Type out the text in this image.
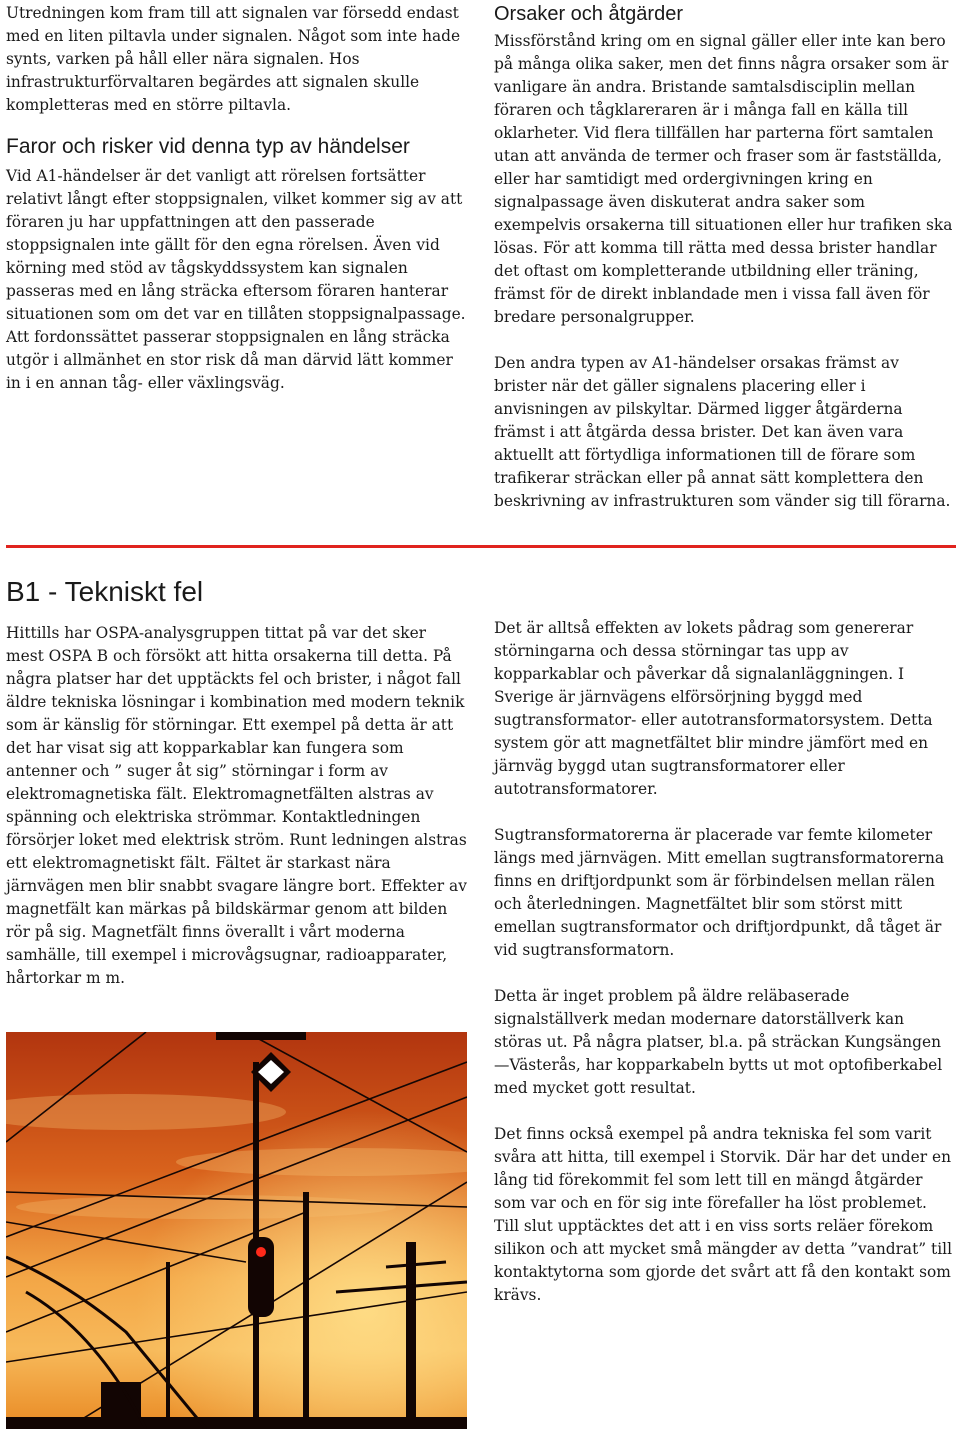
Utredningen kom fram till att signalen var försedd endast med en liten piltavla under signalen. Något som inte hade synts, varken på håll eller nära signalen. Hos infrastrukturförvaltaren begärdes att signalen skulle kompletteras med en större piltavla.

Faror och risker vid denna typ av händelser

Vid A1-händelser är det vanligt att rörelsen fortsätter relativt långt efter stoppsignalen, vilket kommer sig av att föraren ju har uppfattningen att den passerade stoppsignalen inte gällt för den egna rörelsen. Även vid körning med stöd av tågskyddssystem kan signalen passeras med en lång sträcka eftersom föraren hanterar situationen som om det var en tillåten stoppsignalpassage. Att fordonssättet passerar stoppsignalen en lång sträcka utgör i allmänhet en stor risk då man därvid lätt kommer in i en annan tåg- eller växlingsväg.

Orsaker och åtgärder

Missförstånd kring om en signal gäller eller inte kan bero på många olika saker, men det finns några orsaker som är vanligare än andra. Bristande samtalsdisciplin mellan föraren och tågklareraren är i många fall en källa till oklarheter. Vid flera tillfällen har parterna fört samtalen utan att använda de termer och fraser som är fastställda, eller har samtidigt med ordergivningen kring en signalpassage även diskuterat andra saker som exempelvis orsakerna till situationen eller hur trafiken ska lösas. För att komma till rätta med dessa brister handlar det oftast om kompletterande utbildning eller träning, främst för de direkt inblandade men i vissa fall även för bredare personalgrupper.

Den andra typen av A1-händelser orsakas främst av brister när det gäller signalens placering eller i anvisningen av pilskyltar. Därmed ligger åtgärderna främst i att åtgärda dessa brister. Det kan även vara aktuellt att förtydliga informationen till de förare som trafikerar sträckan eller på annat sätt komplettera den beskrivning av infrastrukturen som vänder sig till förarna.

B1 - Tekniskt fel

Hittills har OSPA-analysgruppen tittat på var det sker mest OSPA B och försökt att hitta orsakerna till detta. På några platser har det upptäckts fel och brister, i något fall äldre tekniska lösningar i kombination med modern teknik som är känslig för störningar. Ett exempel på detta är att det har visat sig att kopparkablar kan fungera som antenner och ” suger åt sig” störningar i form av elektromagnetiska fält. Elektromagnetfälten alstras av spänning och elektriska strömmar. Kontaktledningen försörjer loket med elektrisk ström. Runt ledningen alstras ett elektromagnetiskt fält. Fältet är starkast nära järnvägen men blir snabbt svagare längre bort. Effekter av magnetfält kan märkas på bildskärmar genom att bilden rör på sig. Magnetfält finns överallt i vårt moderna samhälle, till exempel i microvågsugnar, radioapparater, hårtorkar m m.

Det är alltså effekten av lokets pådrag som genererar störningarna och dessa störningar tas upp av kopparkablar och påverkar då signalanläggningen. I Sverige är järnvägens elförsörjning byggd med sugtransformator- eller autotransformatorsystem. Detta system gör att magnetfältet blir mindre jämfört med en järnväg byggd utan sugtransformatorer eller autotransformatorer.

Sugtransformatorerna är placerade var femte kilometer längs med järnvägen. Mitt emellan sugtransformatorerna finns en driftjordpunkt som är förbindelsen mellan rälen och återledningen. Magnetfältet blir som störst mitt emellan sugtransformator och driftjordpunkt, då tåget är vid sugtransformatorn.

Detta är inget problem på äldre reläbaserade signalställverk medan modernare datorställverk kan störas ut. På några platser, bl.a. på sträckan Kungsängen—Västerås, har kopparkabeln bytts ut mot optofiberkabel med mycket gott resultat.

Det finns också exempel på andra tekniska fel som varit svåra att hitta, till exempel i Storvik. Där har det under en lång tid förekommit fel som lett till en mängd åtgärder som var och en för sig inte förefaller ha löst problemet. Till slut upptäcktes det att i en viss sorts reläer förekom silikon och att mycket små mängder av detta ”vandrat” till kontaktytorna som gjorde det svårt att få den kontakt som krävs.
